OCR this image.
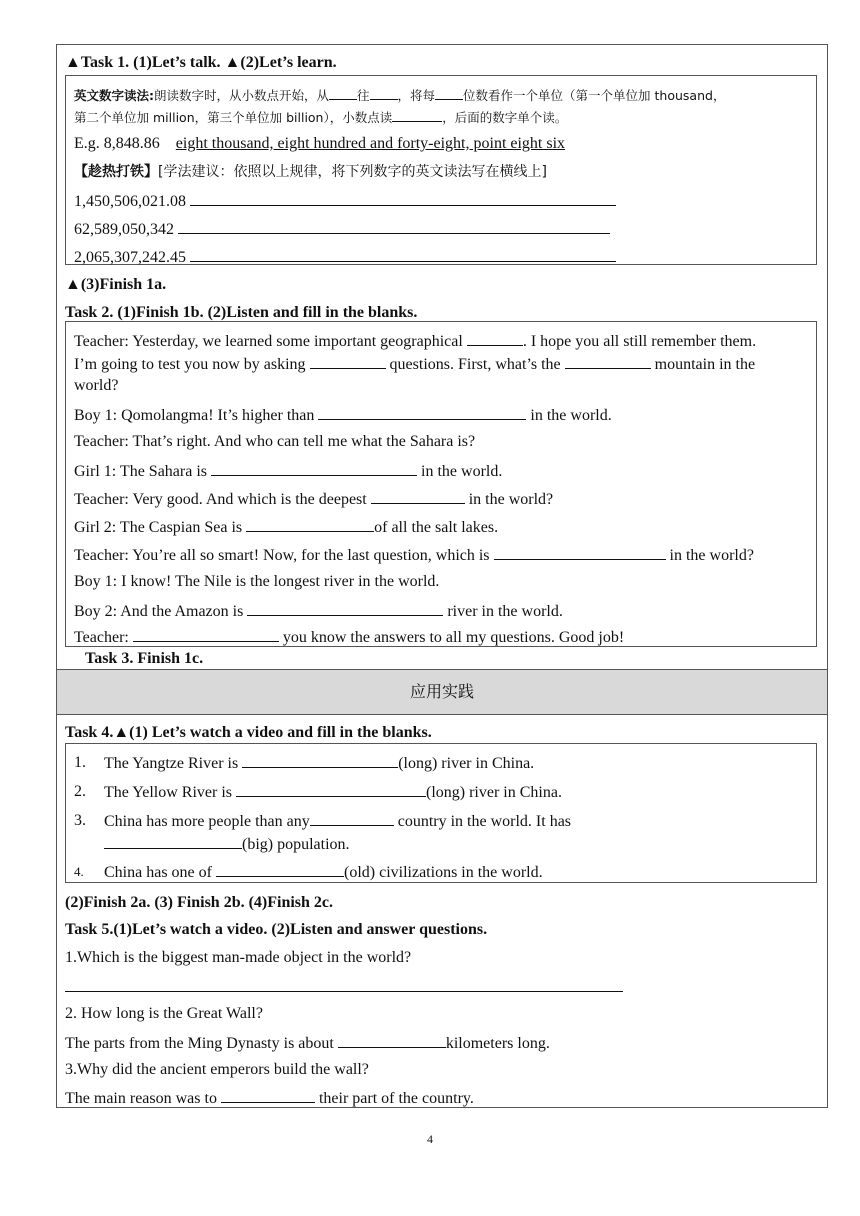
▲Task 1. (1)Let’s talk. ▲(2)Let’s learn.
英文数字读法:朗读数字时，从小数点开始，从 往 ，将每 位数看作一个单位（第一个单位加 thousand，
第二个单位加 million，第三个单位加 billion），小数点读	，后面的数字单个读。
E.g. 8,848.86 eight thousand, eight hundred and forty-eight, point eight six
【趁热打铁】[学法建议：依照以上规律，将下列数字的英文读法写在横线上]
1,450,506,021.08
62,589,050,342
2,065,307,242.45
▲(3)Finish 1a.
Task 2. (1)Finish 1b. (2)Listen and fill in the blanks.
Teacher: Yesterday, we learned some important geographical	. I hope you all still remember them.
I’m going to test you now by asking	questions. First, what’s the	mountain in the
world?
Boy 1: Qomolangma! It’s higher than	in the world.
Teacher: That’s right. And who can tell me what the Sahara is?
Girl 1: The Sahara is	in the world.
Teacher: Very good. And which is the deepest	in the world?
Girl 2: The Caspian Sea is	of all the salt lakes.
Teacher: You’re all so smart! Now, for the last question, which is	in the world?
Boy 1: I know! The Nile is the longest river in the world.
Boy 2: And the Amazon is	river in the world.
Teacher:	you know the answers to all my questions. Good job!
Task 3. Finish 1c.
应用实践
Task 4.▲(1) Let’s watch a video and fill in the blanks.
1. The Yangtze River is	(long) river in China.
2. The Yellow River is	(long) river in China.
3. China has more people than any	country in the world. It has
(big) population.
4. China has one of	(old) civilizations in the world.
(2)Finish 2a. (3) Finish 2b. (4)Finish 2c.
Task 5.(1)Let’s watch a video. (2)Listen and answer questions.
1.Which is the biggest man-made object in the world?
2. How long is the Great Wall?
The parts from the Ming Dynasty is about	kilometers long.
3.Why did the ancient emperors build the wall?
The main reason was to	their part of the country.
4
